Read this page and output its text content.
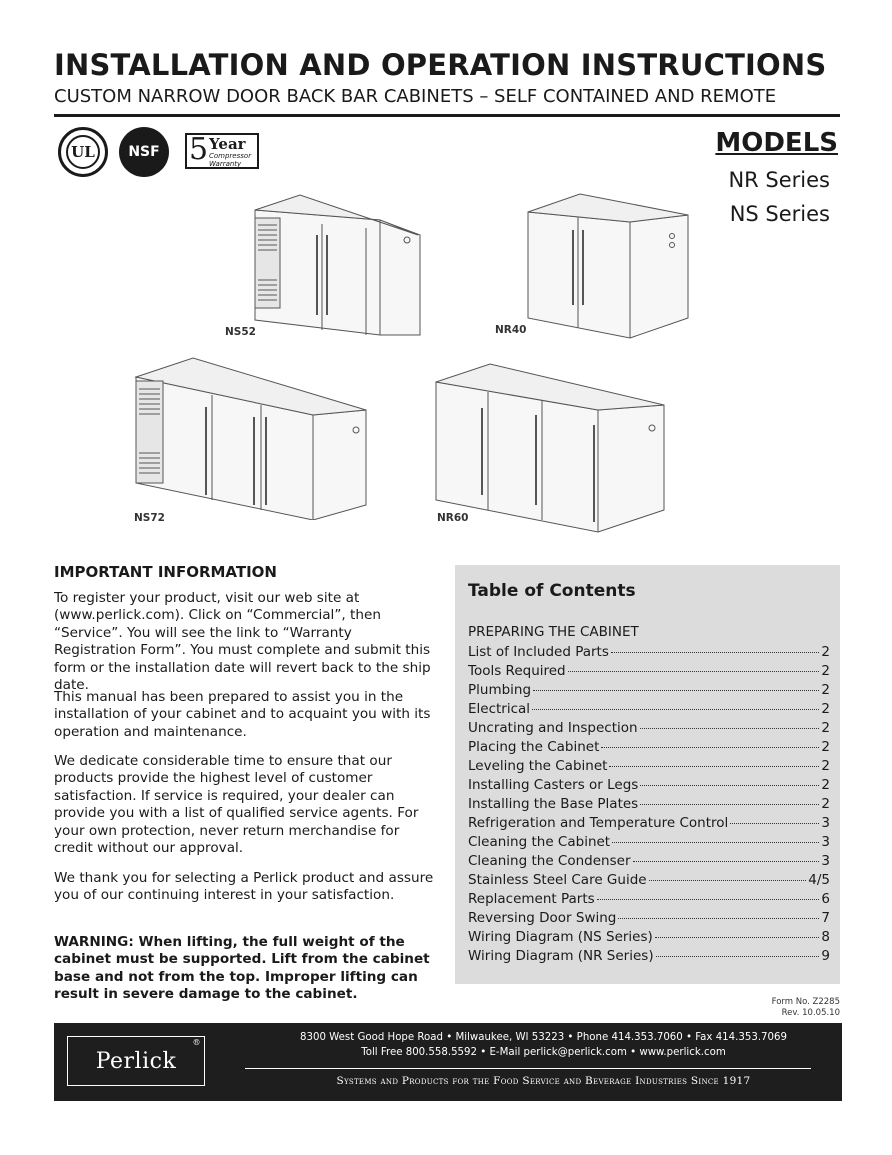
INSTALLATION AND OPERATION INSTRUCTIONS
CUSTOM NARROW DOOR BACK BAR CABINETS – SELF CONTAINED AND REMOTE
UL	NSF 5 Year
Compressor
Warranty
MODELS
NR Series
NS Series
NS52	NR40
NS72	NR60
IMPORTANT INFORMATION

To register your product, visit our web site at (www.perlick.com). Click on “Commercial”, then “Service”. You will see the link to “Warranty Registration Form”. You must complete and submit this form or the installation date will revert back to the ship date.

This manual has been prepared to assist you in the installation of your cabinet and to acquaint you with its operation and maintenance.

We dedicate considerable time to ensure that our products provide the highest level of customer satisfaction. If service is required, your dealer can provide you with a list of qualified service agents. For your own protection, never return merchandise for credit without our approval.

We thank you for selecting a Perlick product and assure you of our continuing interest in your satisfaction.

WARNING: When lifting, the full weight of the cabinet must be supported. Lift from the cabinet base and not from the top. Improper lifting can result in severe damage to the cabinet.

Table of Contents
PREPARING THE CABINET
List of Included Parts	2
Tools Required	2
Plumbing	2
Electrical	2
Uncrating and Inspection	2
Placing the Cabinet	2
Leveling the Cabinet	2
Installing Casters or Legs	2
Installing the Base Plates	2
Refrigeration and Temperature Control	3
Cleaning the Cabinet	3
Cleaning the Condenser	3
Stainless Steel Care Guide	4/5
Replacement Parts	6
Reversing Door Swing	7
Wiring Diagram (NS Series)	8
Wiring Diagram (NR Series)	9
Form No. Z2285
Rev. 10.05.10
Perlick
®	8300 West Good Hope Road • Milwaukee, WI 53223 • Phone 414.353.7060 • Fax 414.353.7069
Toll Free 800.558.5592 • E-Mail perlick@perlick.com • www.perlick.com
Systems and Products for the Food Service and Beverage Industries Since 1917
